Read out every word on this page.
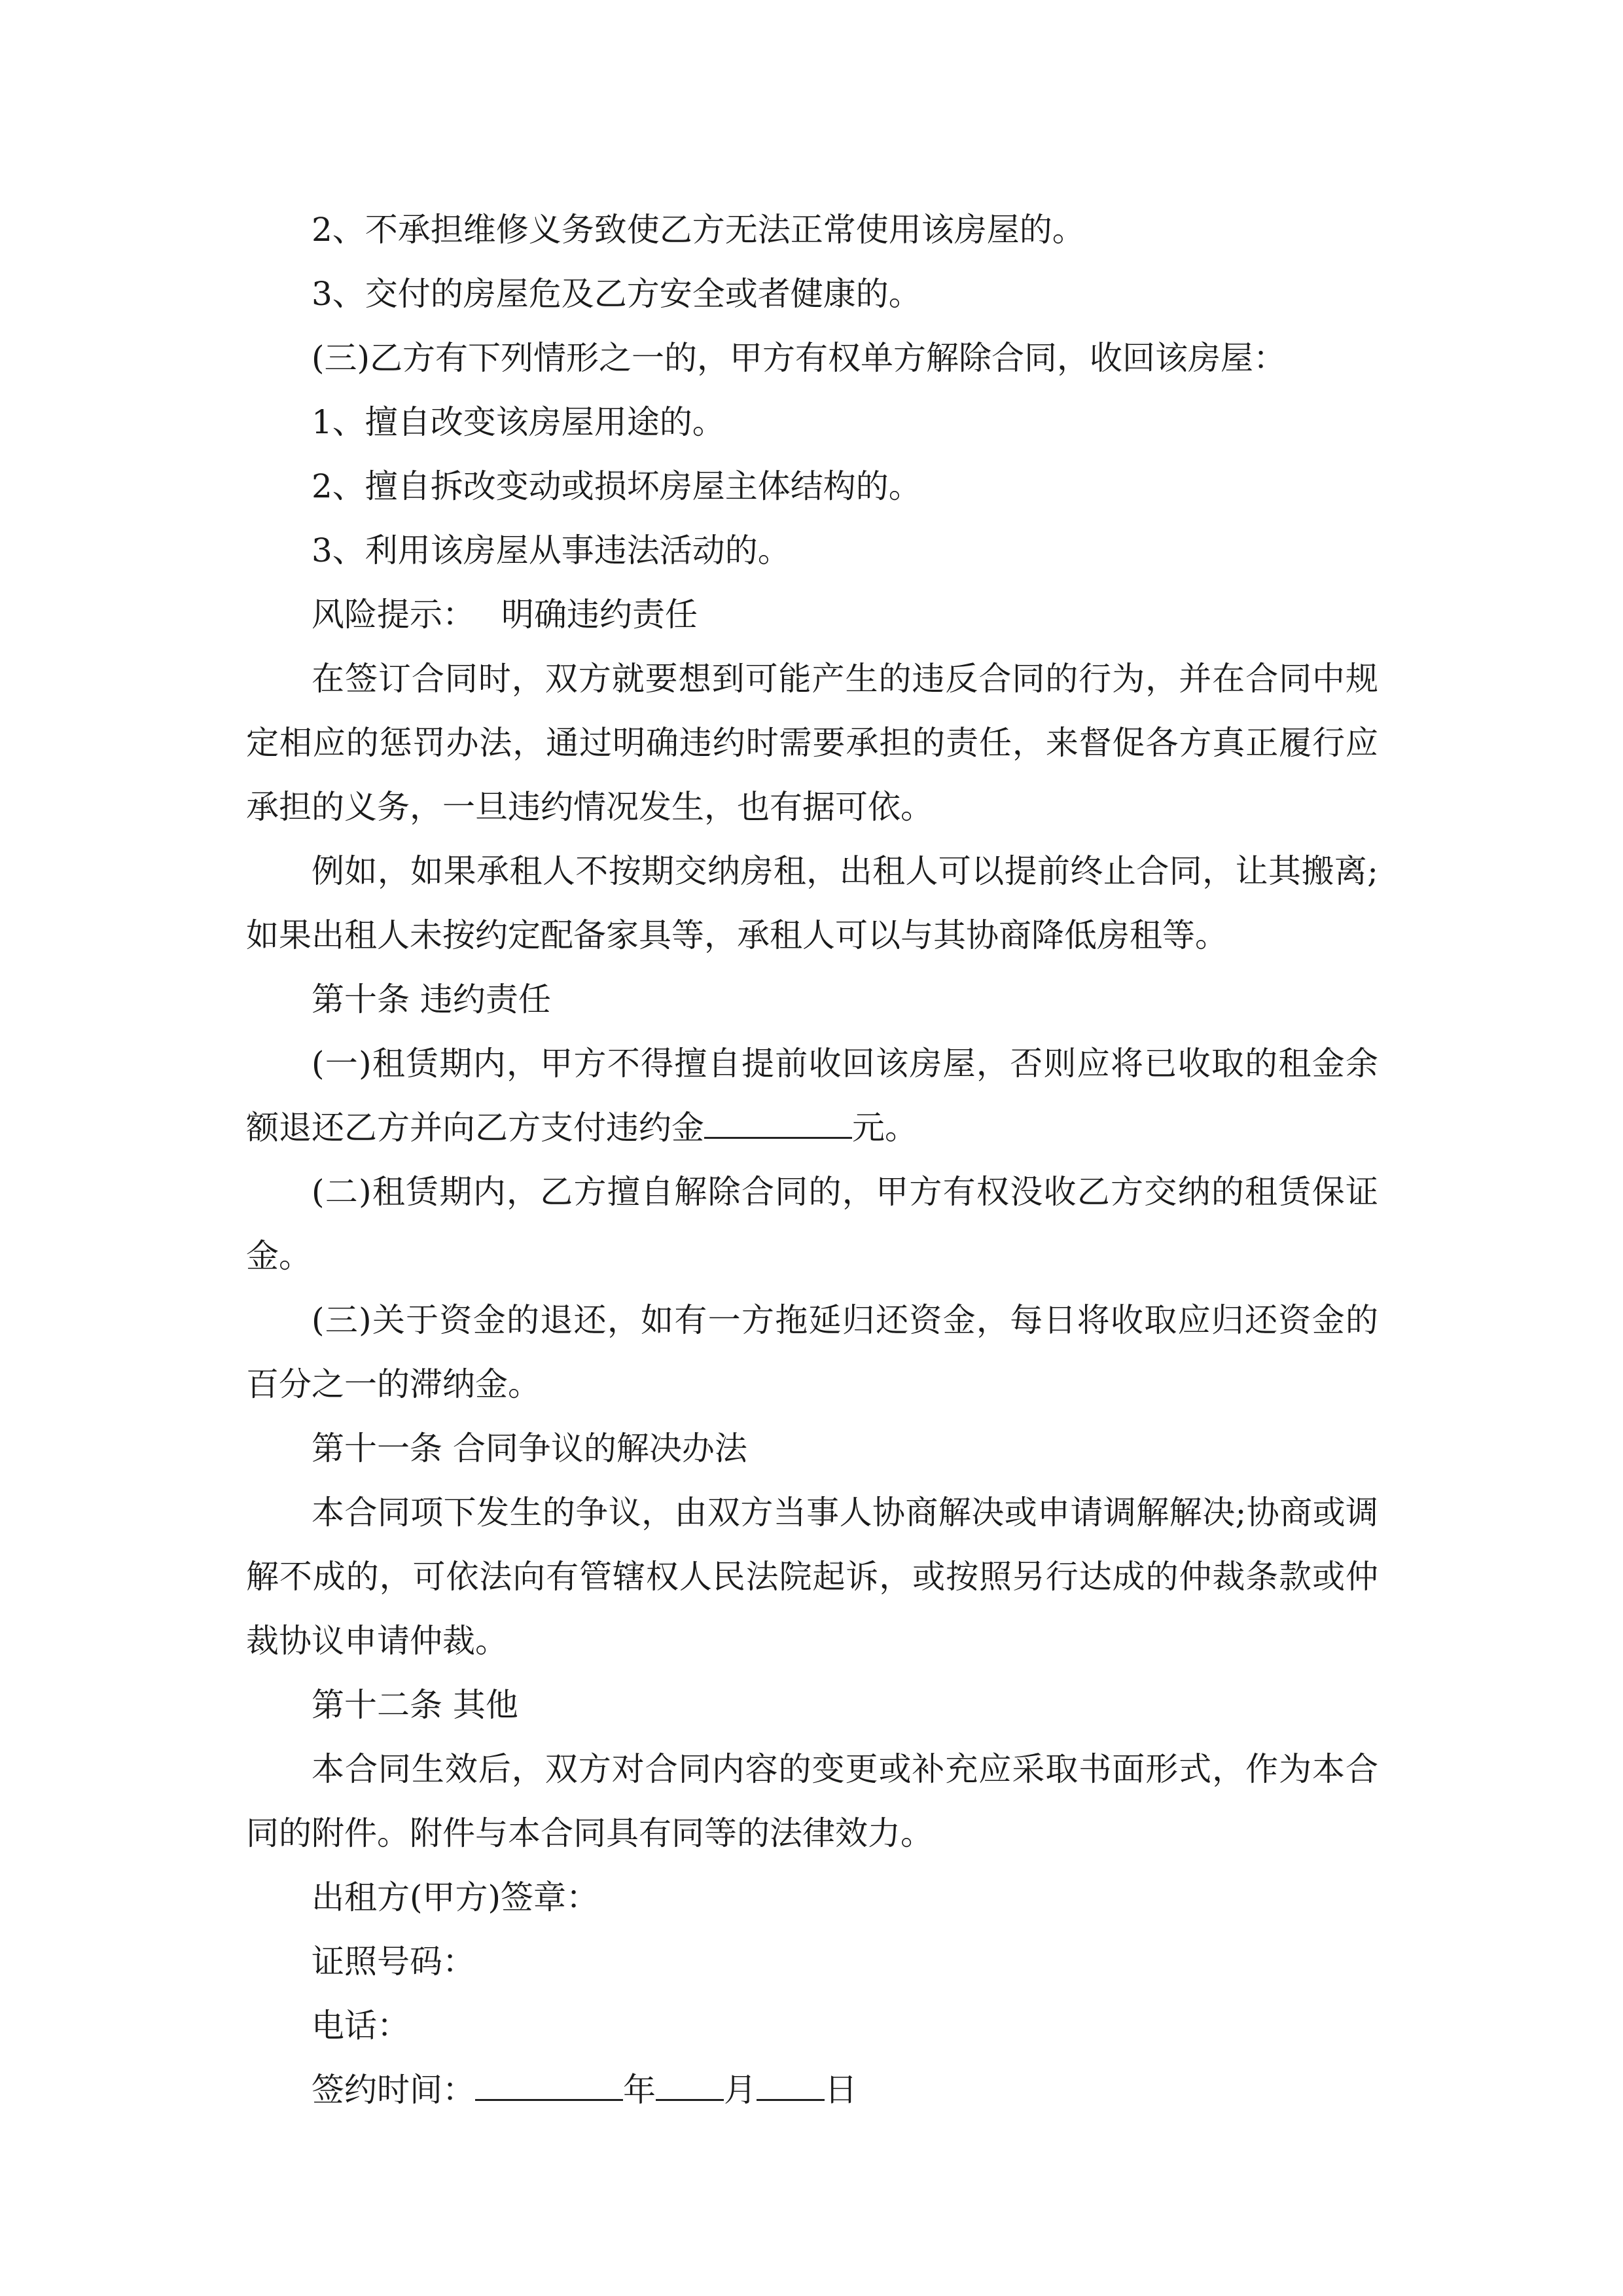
2、不承担维修义务致使乙方无法正常使用该房屋的。

3、交付的房屋危及乙方安全或者健康的。

(三)乙方有下列情形之一的，甲方有权单方解除合同，收回该房屋：

1、擅自改变该房屋用途的。

2、擅自拆改变动或损坏房屋主体结构的。

3、利用该房屋从事违法活动的。

风险提示： 明确违约责任

在签订合同时，双方就要想到可能产生的违反合同的行为，并在合同中规定相应的惩罚办法，通过明确违约时需要承担的责任，来督促各方真正履行应承担的义务，一旦违约情况发生，也有据可依。

例如，如果承租人不按期交纳房租，出租人可以提前终止合同，让其搬离;如果出租人未按约定配备家具等，承租人可以与其协商降低房租等。

第十条 违约责任

(一)租赁期内，甲方不得擅自提前收回该房屋，否则应将已收取的租金余额退还乙方并向乙方支付违约金	元。

(二)租赁期内，乙方擅自解除合同的，甲方有权没收乙方交纳的租赁保证金。

(三)关于资金的退还，如有一方拖延归还资金，每日将收取应归还资金的百分之一的滞纳金。

第十一条 合同争议的解决办法

本合同项下发生的争议，由双方当事人协商解决或申请调解解决;协商或调解不成的，可依法向有管辖权人民法院起诉，或按照另行达成的仲裁条款或仲裁协议申请仲裁。

第十二条 其他

本合同生效后，双方对合同内容的变更或补充应采取书面形式，作为本合同的附件。附件与本合同具有同等的法律效力。

出租方(甲方)签章：

证照号码：

电话：

签约时间：	年 月 日
